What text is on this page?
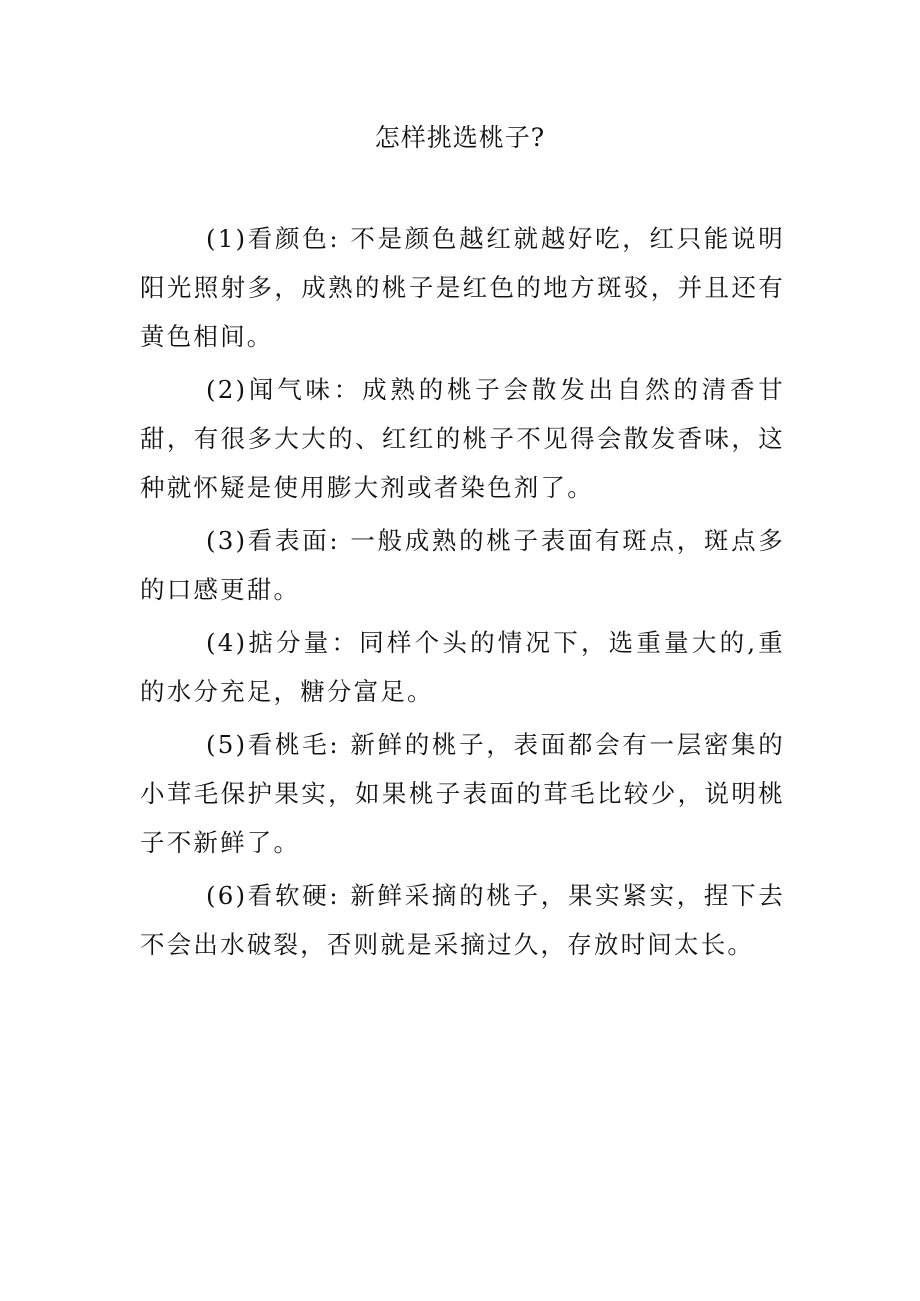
怎样挑选桃子?

(1)看颜色: 不是颜色越红就越好吃，红只能说明阳光照射多，成熟的桃子是红色的地方斑驳，并且还有黄色相间。

(2)闻气味：成熟的桃子会散发出自然的清香甘甜，有很多大大的、红红的桃子不见得会散发香味，这种就怀疑是使用膨大剂或者染色剂了。

(3)看表面: 一般成熟的桃子表面有斑点，斑点多的口感更甜。

(4)掂分量：同样个头的情况下，选重量大的,重的水分充足，糖分富足。

(5)看桃毛: 新鲜的桃子，表面都会有一层密集的小茸毛保护果实，如果桃子表面的茸毛比较少，说明桃子不新鲜了。

(6)看软硬: 新鲜采摘的桃子，果实紧实，捏下去不会出水破裂，否则就是采摘过久，存放时间太长。
